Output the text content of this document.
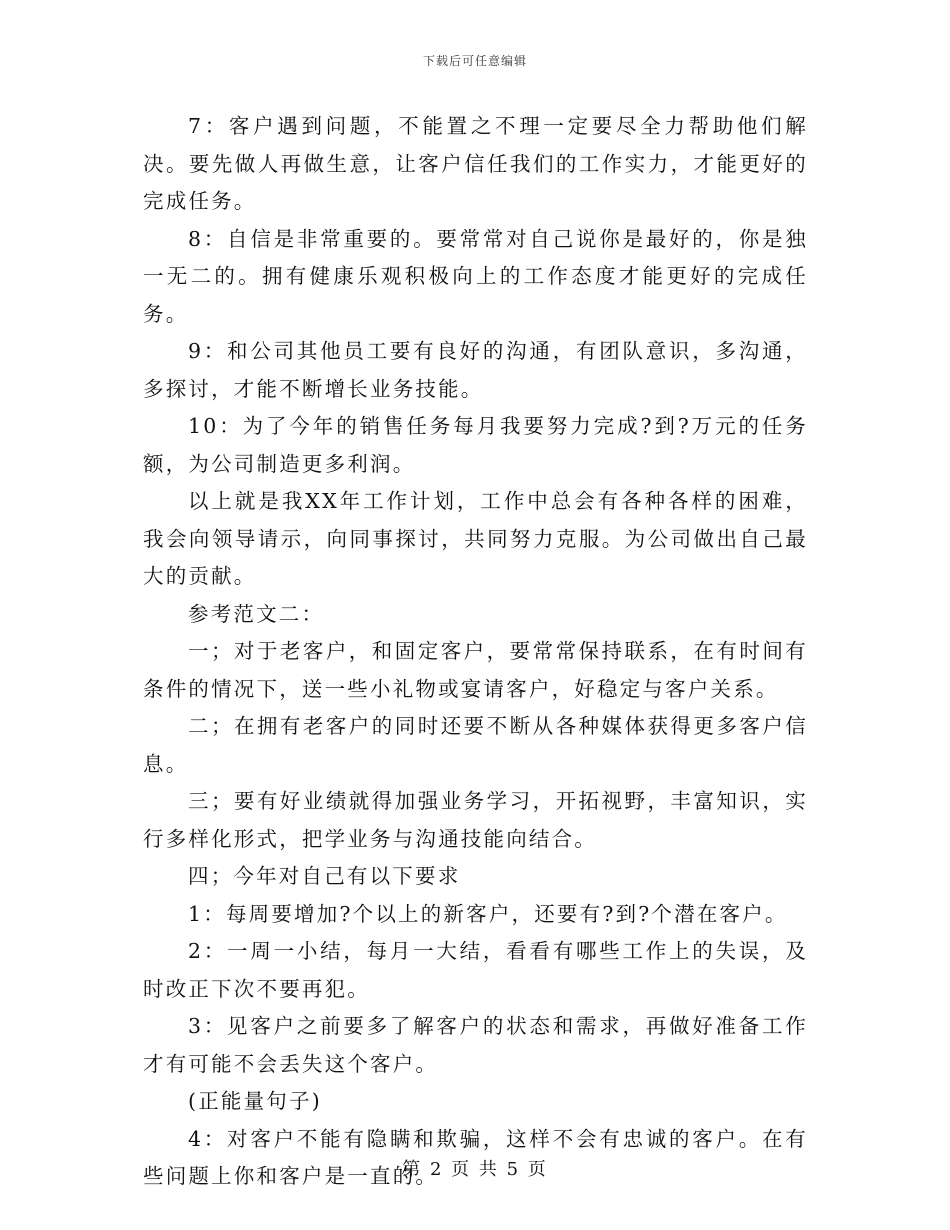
下载后可任意编辑

7：客户遇到问题，不能置之不理一定要尽全力帮助他们解决。要先做人再做生意，让客户信任我们的工作实力，才能更好的完成任务。

8：自信是非常重要的。要常常对自己说你是最好的，你是独一无二的。拥有健康乐观积极向上的工作态度才能更好的完成任务。

9：和公司其他员工要有良好的沟通，有团队意识，多沟通，多探讨，才能不断增长业务技能。

10：为了今年的销售任务每月我要努力完成?到?万元的任务额，为公司制造更多利润。

以上就是我XX年工作计划，工作中总会有各种各样的困难，我会向领导请示，向同事探讨，共同努力克服。为公司做出自己最大的贡献。

参考范文二：

一；对于老客户，和固定客户，要常常保持联系，在有时间有条件的情况下，送一些小礼物或宴请客户，好稳定与客户关系。

二；在拥有老客户的同时还要不断从各种媒体获得更多客户信息。

三；要有好业绩就得加强业务学习，开拓视野，丰富知识，实行多样化形式，把学业务与沟通技能向结合。

四；今年对自己有以下要求

1：每周要增加?个以上的新客户，还要有?到?个潜在客户。

2：一周一小结，每月一大结，看看有哪些工作上的失误，及时改正下次不要再犯。

3：见客户之前要多了解客户的状态和需求，再做好准备工作才有可能不会丢失这个客户。

(正能量句子)

4：对客户不能有隐瞒和欺骗，这样不会有忠诚的客户。在有些问题上你和客户是一直的。

第 2 页 共 5 页
